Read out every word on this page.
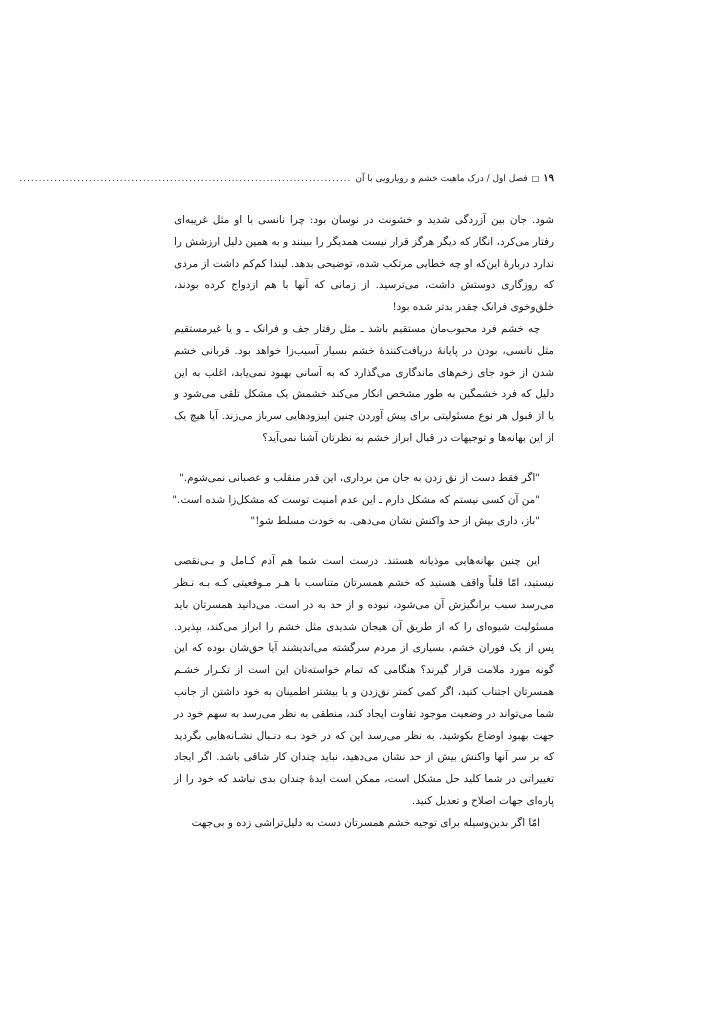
۱۹
□
فصل اول / درک ماهیت خشم و رویارویی با آن
......................................................................................

شود. جان بین آزردگی شدید و خشونت در نوسان بود: چرا نانسی با او مثل غریبه‌ای رفتار می‌کرد، انگار که دیگر هرگز قرار نیست همدیگر را ببینند و به همین دلیل ارزشش را ندارد دربارهٔ این‌که او چه خطایی مرتکب شده، توضیحی بدهد. لیندا کم‌کم داشت از مردی که روزگاری دوستش داشت، می‌ترسید. از زمانی که آنها با هم ازدواج کرده بودند، خلق‌وخوی فرانک چقدر بدتر شده بود!

چه خشم فرد محبوب‌مان مستقیم باشد ـ مثل رفتار جف و فرانک ـ و یا غیرمستقیم مثل نانسی، بودن در پایانهٔ دریافت‌کنندهٔ خشم بسیار آسیب‌زا خواهد بود. قربانی خشم شدن از خود جای زخم‌های ماندگاری می‌گذارد که به آسانی بهبود نمی‌یابد، اغلب به این دلیل که فرد خشمگین به طور مشخص انکار می‌کند خشمش یک مشکل تلقی می‌شود و یا از قبول هر نوع مسئولیتی برای پیش آوردن چنین اپیزودهایی سرباز می‌زند. آیا هیچ یک از این بهانه‌ها و توجیهات در قبال ابراز خشم به نظرتان آشنا نمی‌آید؟

"اگر فقط دست از نق زدن به جان من برداری، این قدر منقلب و عصبانی نمی‌شوم."
"من آن کسی نیستم که مشکل دارم ـ این عدم امنیت توست که مشکل‌زا شده است."
"باز، داری بیش از حد واکنش نشان می‌دهی. به خودت مسلط شو!"

این چنین بهانه‌هایی موذیانه هستند. درست است شما هم آدم کـامل و بـی‌نقصی نیستید، امّا قلباً واقف هستید که خشم همسرتان متناسب با هـر مـوقعیتی کـه بـه نـظر می‌رسد سبب برانگیزش آن می‌شود، نبوده و از حد به در است. می‌دانید همسرتان باید مسئولیت شیوه‌ای را که از طریق آن هیجان شدیدی مثل خشم را ابراز می‌کند، بپذیرد. پس از یک فوران خشم، بسیاری از مردم سرگشته می‌اندیشند آیا حق‌شان بوده که این گونه مورد ملامت قرار گیرند؟ هنگامی که تمام خواسته‌تان این است از تکـرار خشـم همسرتان اجتناب کنید، اگر کمی کمتر نق‌زدن و یا بیشتر اطمینان به خود داشتن از جانب شما می‌تواند در وضعیت موجود تفاوت ایجاد کند، منطقی به نظر می‌رسد به سهم خود در جهت بهبود اوضاع بکوشید. به نظر می‌رسد این که در خود بـه دنـبال نشـانه‌هایی بگردید که بر سر آنها واکنش بیش از حد نشان می‌دهید، نباید چندان کار شاقی باشد. اگر ایجاد تغییراتی در شما کلید حل مشکل است، ممکن است ایدهٔ چندان بدی نباشد که خود را از پاره‌ای جهات اصلاح و تعدیل کنید.

امّا اگر بدین‌وسیله برای توجیه خشم همسرتان دست به دلیل‌تراشی زده و بی‌جهت
